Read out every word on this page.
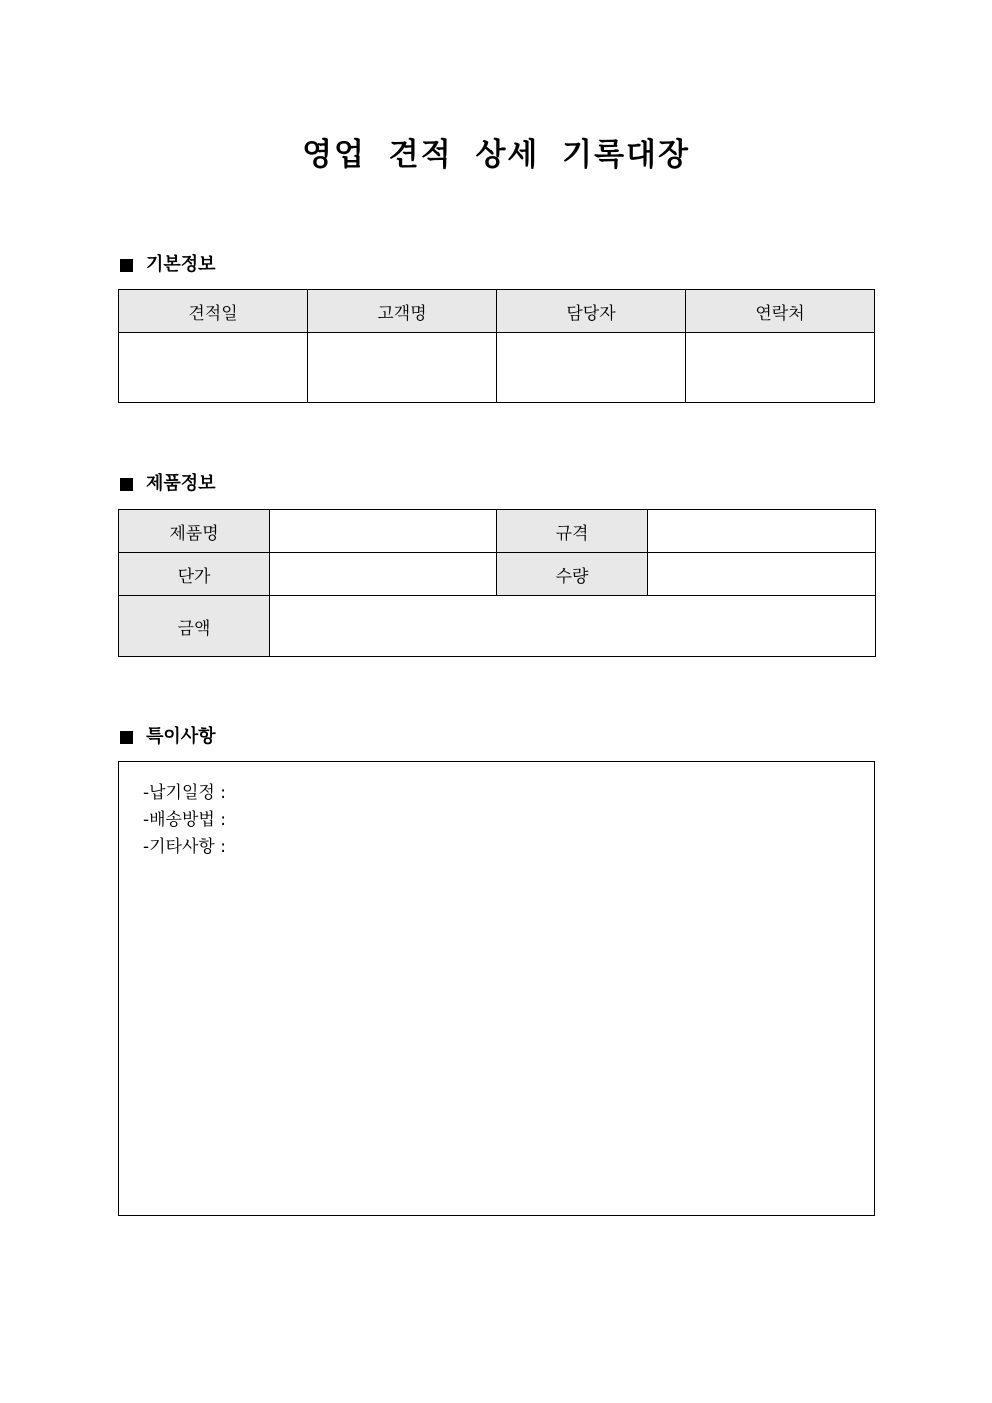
영업 견적 상세 기록대장
기본정보
견적일	고객명	담당자	연락처

제품정보
제품명		규격	
단가		수량	
금액			
특이사항
-납기일정 :
-배송방법 :
-기타사항 :
